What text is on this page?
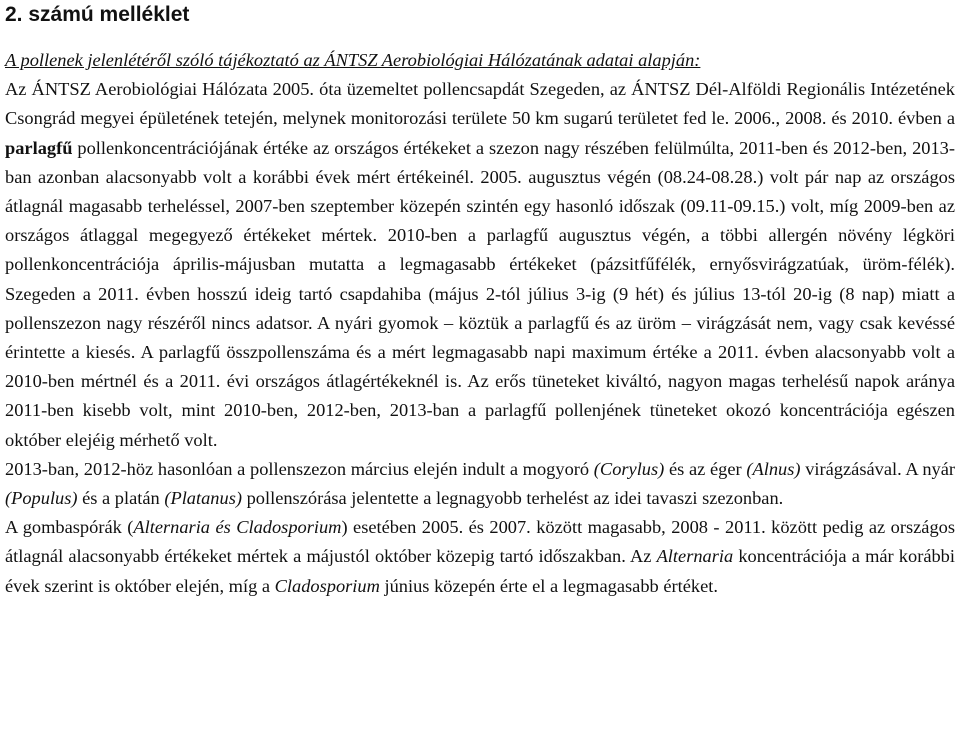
2. számú melléklet

A pollenek jelenlétéről szóló tájékoztató az ÁNTSZ Aerobiológiai Hálózatának adatai alapján:

Az ÁNTSZ Aerobiológiai Hálózata 2005. óta üzemeltet pollencsapdát Szegeden, az ÁNTSZ Dél-Alföldi Regionális Intézetének Csongrád megyei épületének tetején, melynek monitorozási területe 50 km sugarú területet fed le. 2006., 2008. és 2010. évben a parlagfű pollenkoncentrációjának értéke az országos értékeket a szezon nagy részében felülmúlta, 2011-ben és 2012-ben, 2013-ban azonban alacsonyabb volt a korábbi évek mért értékeinél. 2005. augusztus végén (08.24-08.28.) volt pár nap az országos átlagnál magasabb terheléssel, 2007-ben szeptember közepén szintén egy hasonló időszak (09.11-09.15.) volt, míg 2009-ben az országos átlaggal megegyező értékeket mértek. 2010-ben a parlagfű augusztus végén, a többi allergén növény légköri pollenkoncentrációja április-májusban mutatta a legmagasabb értékeket (pázsitfűfélék, ernyősvirágzatúak, üröm-félék). Szegeden a 2011. évben hosszú ideig tartó csapdahiba (május 2-tól július 3-ig (9 hét) és július 13-tól 20-ig (8 nap) miatt a pollenszezon nagy részéről nincs adatsor. A nyári gyomok – köztük a parlagfű és az üröm – virágzását nem, vagy csak kevéssé érintette a kiesés. A parlagfű összpollenszáma és a mért legmagasabb napi maximum értéke a 2011. évben alacsonyabb volt a 2010-ben mértnél és a 2011. évi országos átlagértékeknél is. Az erős tüneteket kiváltó, nagyon magas terhelésű napok aránya 2011-ben kisebb volt, mint 2010-ben, 2012-ben, 2013-ban a parlagfű pollenjének tüneteket okozó koncentrációja egészen október elejéig mérhető volt.

2013-ban, 2012-höz hasonlóan a pollenszezon március elején indult a mogyoró (Corylus) és az éger (Alnus) virágzásával. A nyár (Populus) és a platán (Platanus) pollenszórása jelentette a legnagyobb terhelést az idei tavaszi szezonban.

A gombaspórák (Alternaria és Cladosporium) esetében 2005. és 2007. között magasabb, 2008 - 2011. között pedig az országos átlagnál alacsonyabb értékeket mértek a májustól október közepig tartó időszakban. Az Alternaria koncentrációja a már korábbi évek szerint is október elején, míg a Cladosporium június közepén érte el a legmagasabb értéket.
